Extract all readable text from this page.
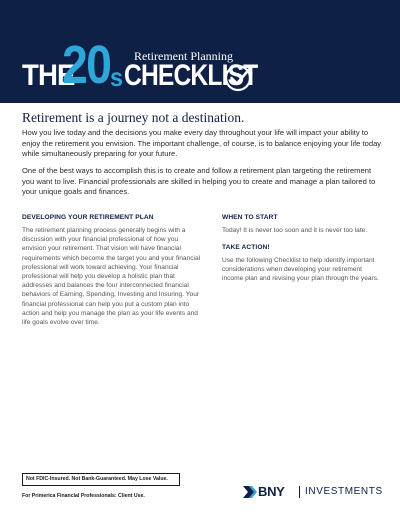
Retirement Planning
THE
20 s CHECKLIST
Retirement is a journey not a destination.

How you live today and the decisions you make every day throughout your life will impact your ability to enjoy the retirement you envision. The important challenge, of course, is to balance enjoying your life today while simultaneously preparing for your future.

One of the best ways to accomplish this is to create and follow a retirement plan targeting the retirement you want to live. Financial professionals are skilled in helping you to create and manage a plan tailored to your unique goals and finances.

DEVELOPING YOUR RETIREMENT PLAN

The retirement planning process generally begins with a discussion with your financial professional of how you envision your retirement. That vision will have financial requirements which become the target you and your financial professional will work toward achieving. Your financial professional will help you develop a holistic plan that addresses and balances the four interconnected financial behaviors of Earning, Spending, Investing and Insuring. Your financial professional can help you put a custom plan into action and help you manage the plan as your life events and life goals evolve over time.

WHEN TO START

Today! It is never too soon and it is never too late.

TAKE ACTION!

Use the following Checklist to help identify important considerations when developing your retirement income plan and revising your plan through the years.

Not FDIC-Insured. Not Bank-Guaranteed. May Lose Value.
For Primerica Financial Professionals: Client Use.	BNY INVESTMENTS
